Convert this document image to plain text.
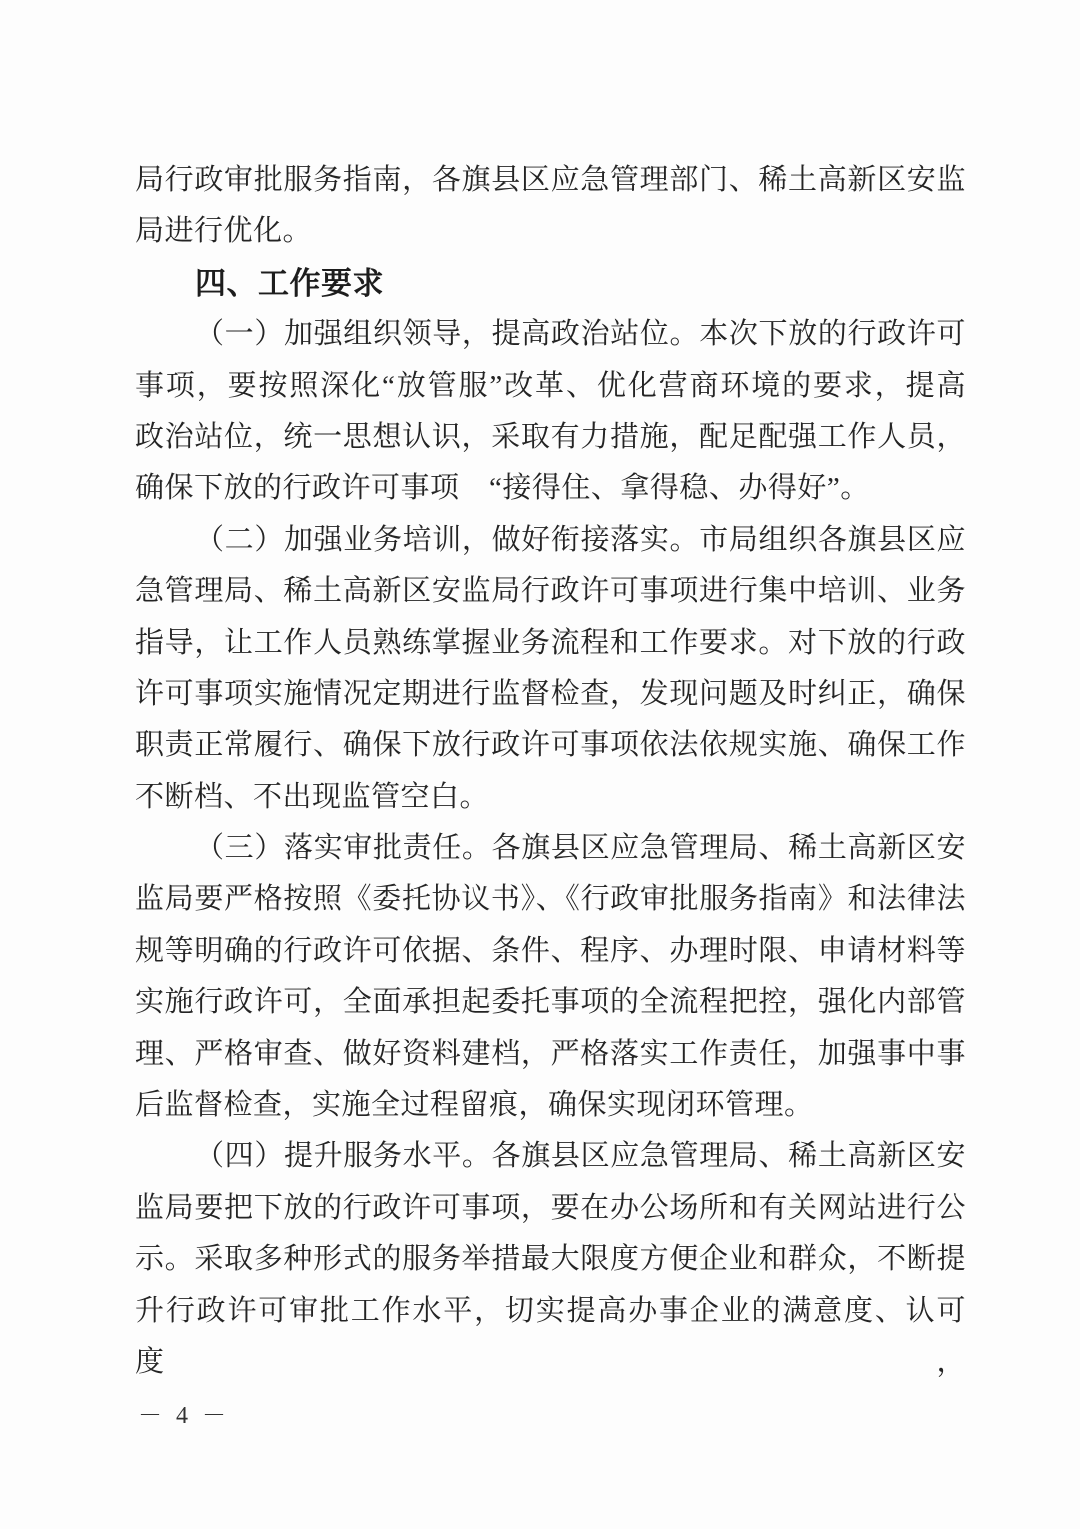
局行政审批服务指南，各旗县区应急管理部门、稀土高新区安监
局进行优化。
四、工作要求
（一）加强组织领导，提高政治站位。本次下放的行政许可
事项，要按照深化“放管服”改革、优化营商环境的要求，提高
政治站位，统一思想认识，采取有力措施，配足配强工作人员，
确保下放的行政许可事项　“接得住、拿得稳、办得好”。
（二）加强业务培训，做好衔接落实。市局组织各旗县区应
急管理局、稀土高新区安监局行政许可事项进行集中培训、业务
指导，让工作人员熟练掌握业务流程和工作要求。对下放的行政
许可事项实施情况定期进行监督检查，发现问题及时纠正，确保
职责正常履行、确保下放行政许可事项依法依规实施、确保工作
不断档、不出现监管空白。
（三）落实审批责任。各旗县区应急管理局、稀土高新区安
监局要严格按照《委托协议书》、《行政审批服务指南》和法律法
规等明确的行政许可依据、条件、程序、办理时限、申请材料等
实施行政许可，全面承担起委托事项的全流程把控，强化内部管
理、严格审查、做好资料建档，严格落实工作责任，加强事中事
后监督检查，实施全过程留痕，确保实现闭环管理。
（四）提升服务水平。各旗县区应急管理局、稀土高新区安
监局要把下放的行政许可事项，要在办公场所和有关网站进行公
示。采取多种形式的服务举措最大限度方便企业和群众，不断提
升行政许可审批工作水平，切实提高办事企业的满意度、认可度，
－ 4 －
